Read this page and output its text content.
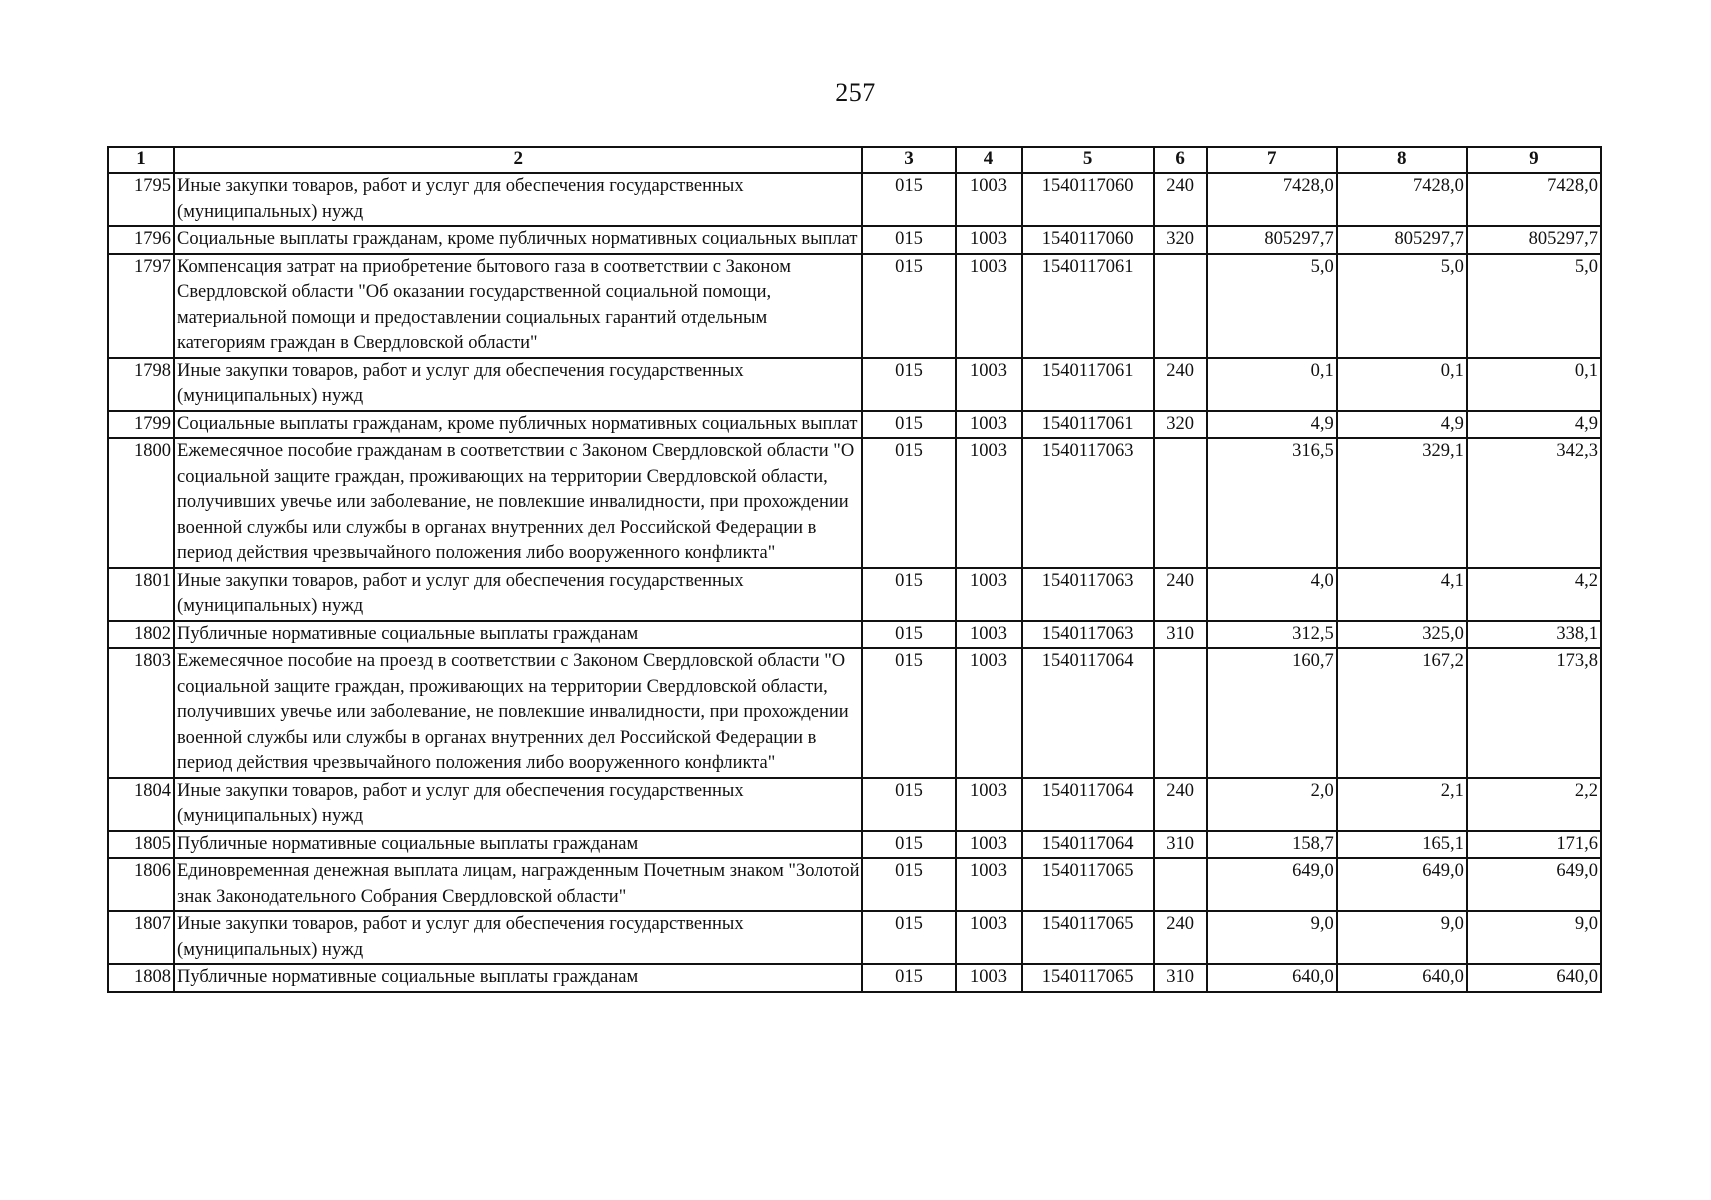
257
1	2	3	4	5	6	7	8	9
1795	Иные закупки товаров, работ и услуг для обеспечения государственных (муниципальных) нужд	015	1003	1540117060	240	7428,0	7428,0	7428,0
1796	Социальные выплаты гражданам, кроме публичных нормативных социальных выплат	015	1003	1540117060	320	805297,7	805297,7	805297,7
1797	Компенсация затрат на приобретение бытового газа в соответствии с Законом Свердловской области "Об оказании государственной социальной помощи, материальной помощи и предоставлении социальных гарантий отдельным категориям граждан в Свердловской области"	015	1003	1540117061		5,0	5,0	5,0
1798	Иные закупки товаров, работ и услуг для обеспечения государственных (муниципальных) нужд	015	1003	1540117061	240	0,1	0,1	0,1
1799	Социальные выплаты гражданам, кроме публичных нормативных социальных выплат	015	1003	1540117061	320	4,9	4,9	4,9
1800	Ежемесячное пособие гражданам в соответствии с Законом Свердловской области "О социальной защите граждан, проживающих на территории Свердловской области, получивших увечье или заболевание, не повлекшие инвалидности, при прохождении военной службы или службы в органах внутренних дел Российской Федерации в период действия чрезвычайного положения либо вооруженного конфликта"	015	1003	1540117063		316,5	329,1	342,3
1801	Иные закупки товаров, работ и услуг для обеспечения государственных (муниципальных) нужд	015	1003	1540117063	240	4,0	4,1	4,2
1802	Публичные нормативные социальные выплаты гражданам	015	1003	1540117063	310	312,5	325,0	338,1
1803	Ежемесячное пособие на проезд в соответствии с Законом Свердловской области "О социальной защите граждан, проживающих на территории Свердловской области, получивших увечье или заболевание, не повлекшие инвалидности, при прохождении военной службы или службы в органах внутренних дел Российской Федерации в период действия чрезвычайного положения либо вооруженного конфликта"	015	1003	1540117064		160,7	167,2	173,8
1804	Иные закупки товаров, работ и услуг для обеспечения государственных (муниципальных) нужд	015	1003	1540117064	240	2,0	2,1	2,2
1805	Публичные нормативные социальные выплаты гражданам	015	1003	1540117064	310	158,7	165,1	171,6
1806	Единовременная денежная выплата лицам, награжденным Почетным знаком "Золотой знак Законодательного Собрания Свердловской области"	015	1003	1540117065		649,0	649,0	649,0
1807	Иные закупки товаров, работ и услуг для обеспечения государственных (муниципальных) нужд	015	1003	1540117065	240	9,0	9,0	9,0
1808	Публичные нормативные социальные выплаты гражданам	015	1003	1540117065	310	640,0	640,0	640,0
